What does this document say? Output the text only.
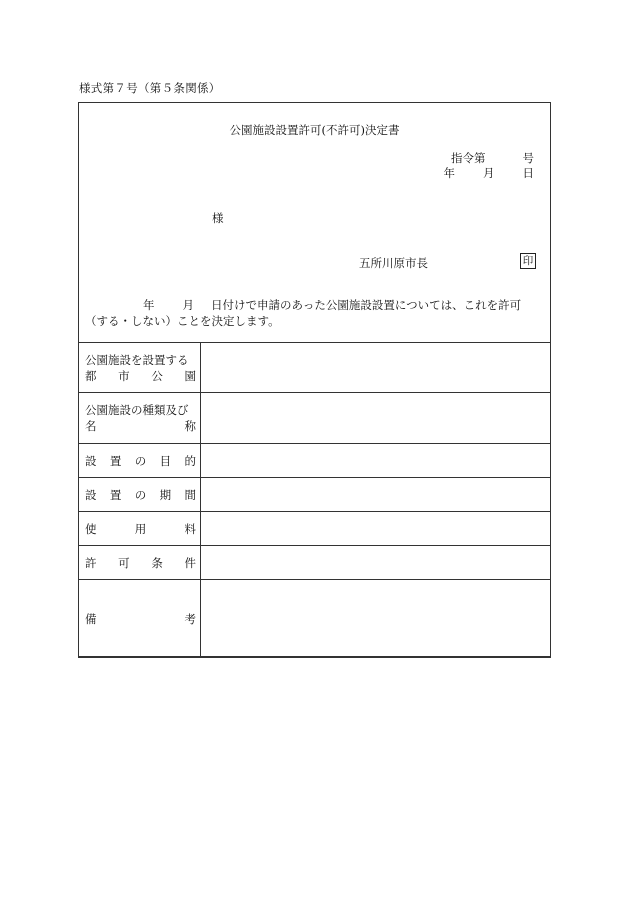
様式第７号（第５条関係）
公園施設設置許可(不許可)決定書
指令第	号
年 月 日
様
五所川原市長	印
年 月 日付けで申請のあった公園施設設置については、これを許可（する・しない）ことを決定します。
公園施設を設置する
都 市 公 園	

公園施設の種類及び
名 称	

設 置 の 目 的	

設 置 の 期 間	

使 用 料	

許 可 条 件	

備 考	
